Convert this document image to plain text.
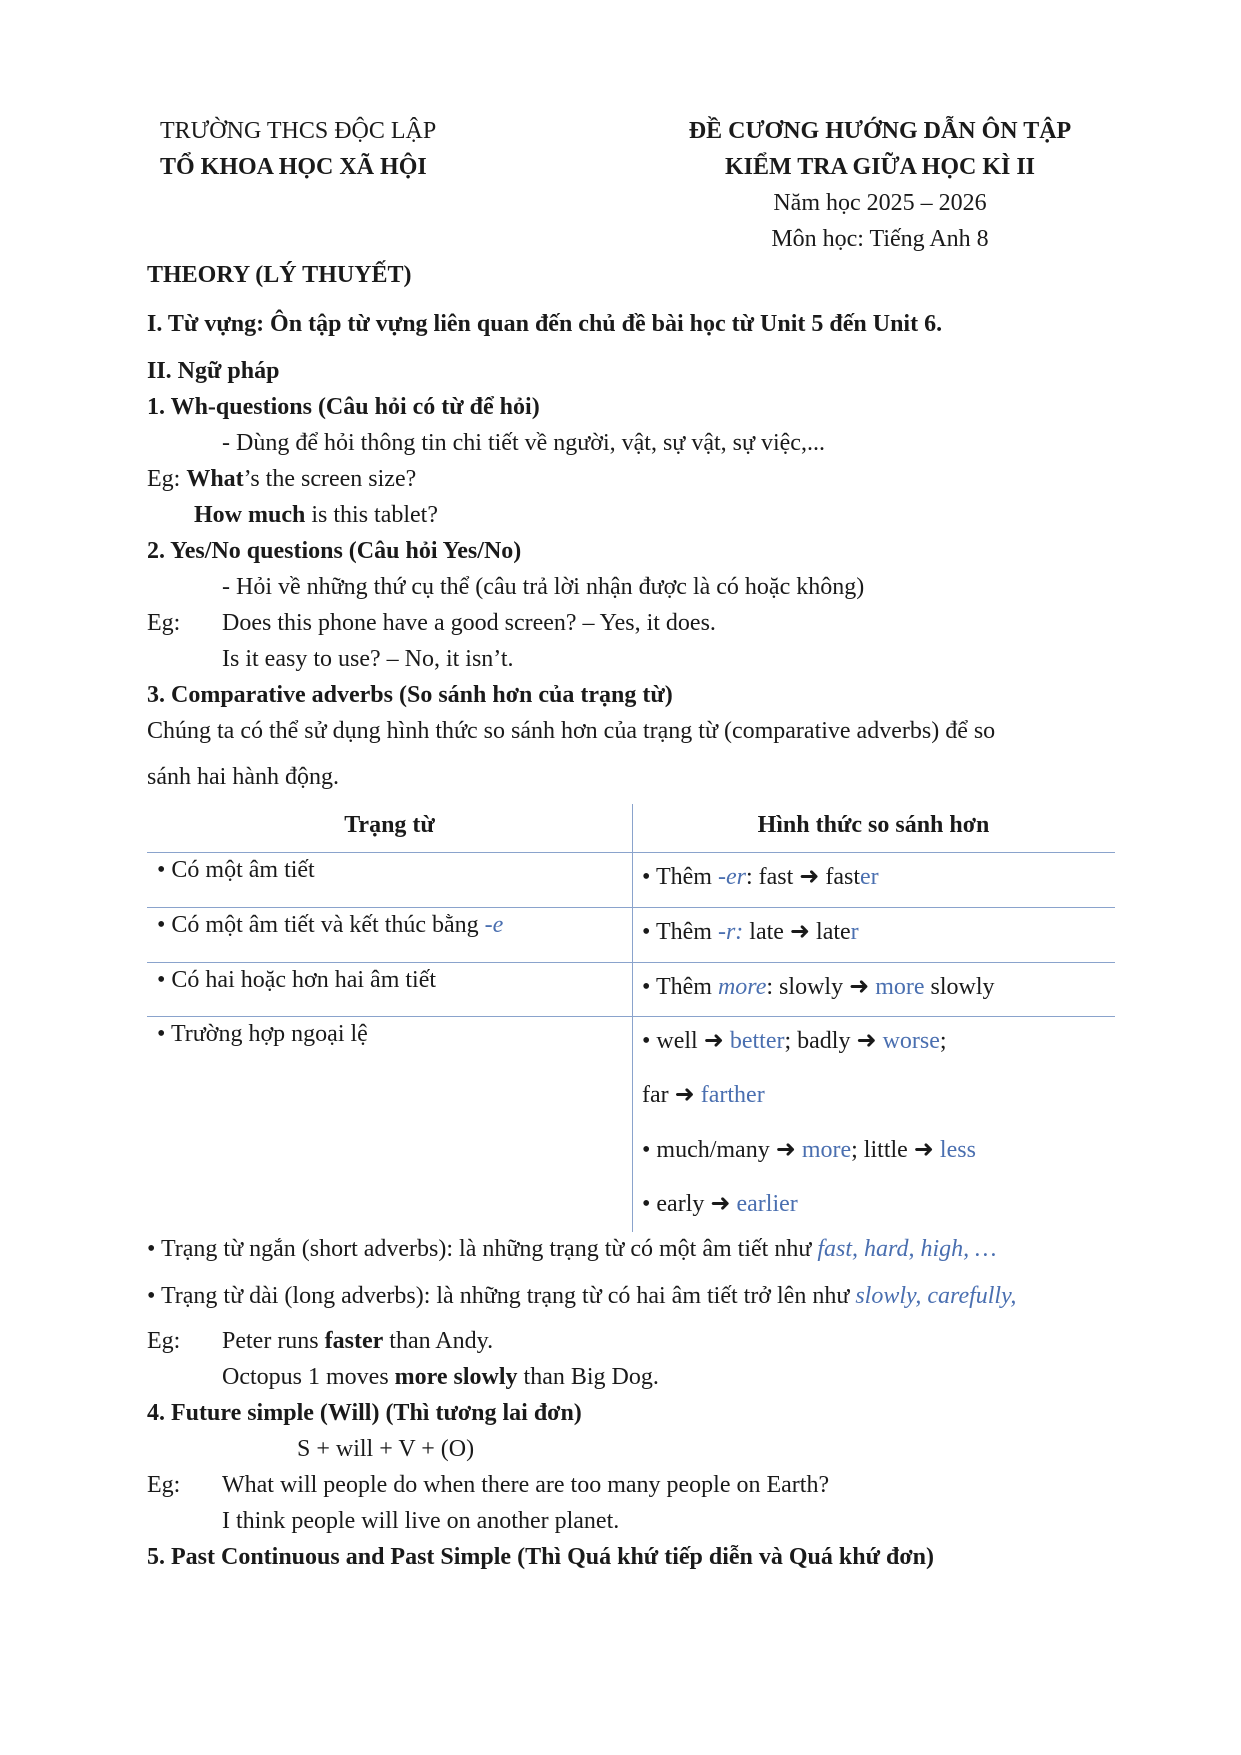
TRƯỜNG THCS ĐỘC LẬP
TỔ KHOA HỌC XÃ HỘI
ĐỀ CƯƠNG HƯỚNG DẪN ÔN TẬP
KIỂM TRA GIỮA HỌC KÌ II
Năm học 2025 – 2026
Môn học: Tiếng Anh 8
THEORY (LÝ THUYẾT)
I. Từ vựng: Ôn tập từ vựng liên quan đến chủ đề bài học từ Unit 5 đến Unit 6.
II. Ngữ pháp
1. Wh-questions (Câu hỏi có từ để hỏi)
- Dùng để hỏi thông tin chi tiết về người, vật, sự vật, sự việc,...
Eg: What’s the screen size?
How much is this tablet?
2. Yes/No questions (Câu hỏi Yes/No)
- Hỏi về những thứ cụ thể (câu trả lời nhận được là có hoặc không)
Eg: Does this phone have a good screen? – Yes, it does.
Is it easy to use? – No, it isn’t.
3. Comparative adverbs (So sánh hơn của trạng từ)
Chúng ta có thể sử dụng hình thức so sánh hơn của trạng từ (comparative adverbs) để so
sánh hai hành động.
Trạng từ	Hình thức so sánh hơn
• Có một âm tiết	• Thêm -er: fast ➜ faster
• Có một âm tiết và kết thúc bằng -e	• Thêm -r: late ➜ later
• Có hai hoặc hơn hai âm tiết	• Thêm more: slowly ➜ more slowly
• Trường hợp ngoại lệ	• well ➜ better; badly ➜ worse;
far ➜ farther
• much/many ➜ more; little ➜ less
• early ➜ earlier
• Trạng từ ngắn (short adverbs): là những trạng từ có một âm tiết như fast, hard, high, …
• Trạng từ dài (long adverbs): là những trạng từ có hai âm tiết trở lên như slowly, carefully,
Eg: Peter runs faster than Andy.
Octopus 1 moves more slowly than Big Dog.
4. Future simple (Will) (Thì tương lai đơn)
S + will + V + (O)
Eg: What will people do when there are too many people on Earth?
I think people will live on another planet.
5. Past Continuous and Past Simple (Thì Quá khứ tiếp diễn và Quá khứ đơn)
